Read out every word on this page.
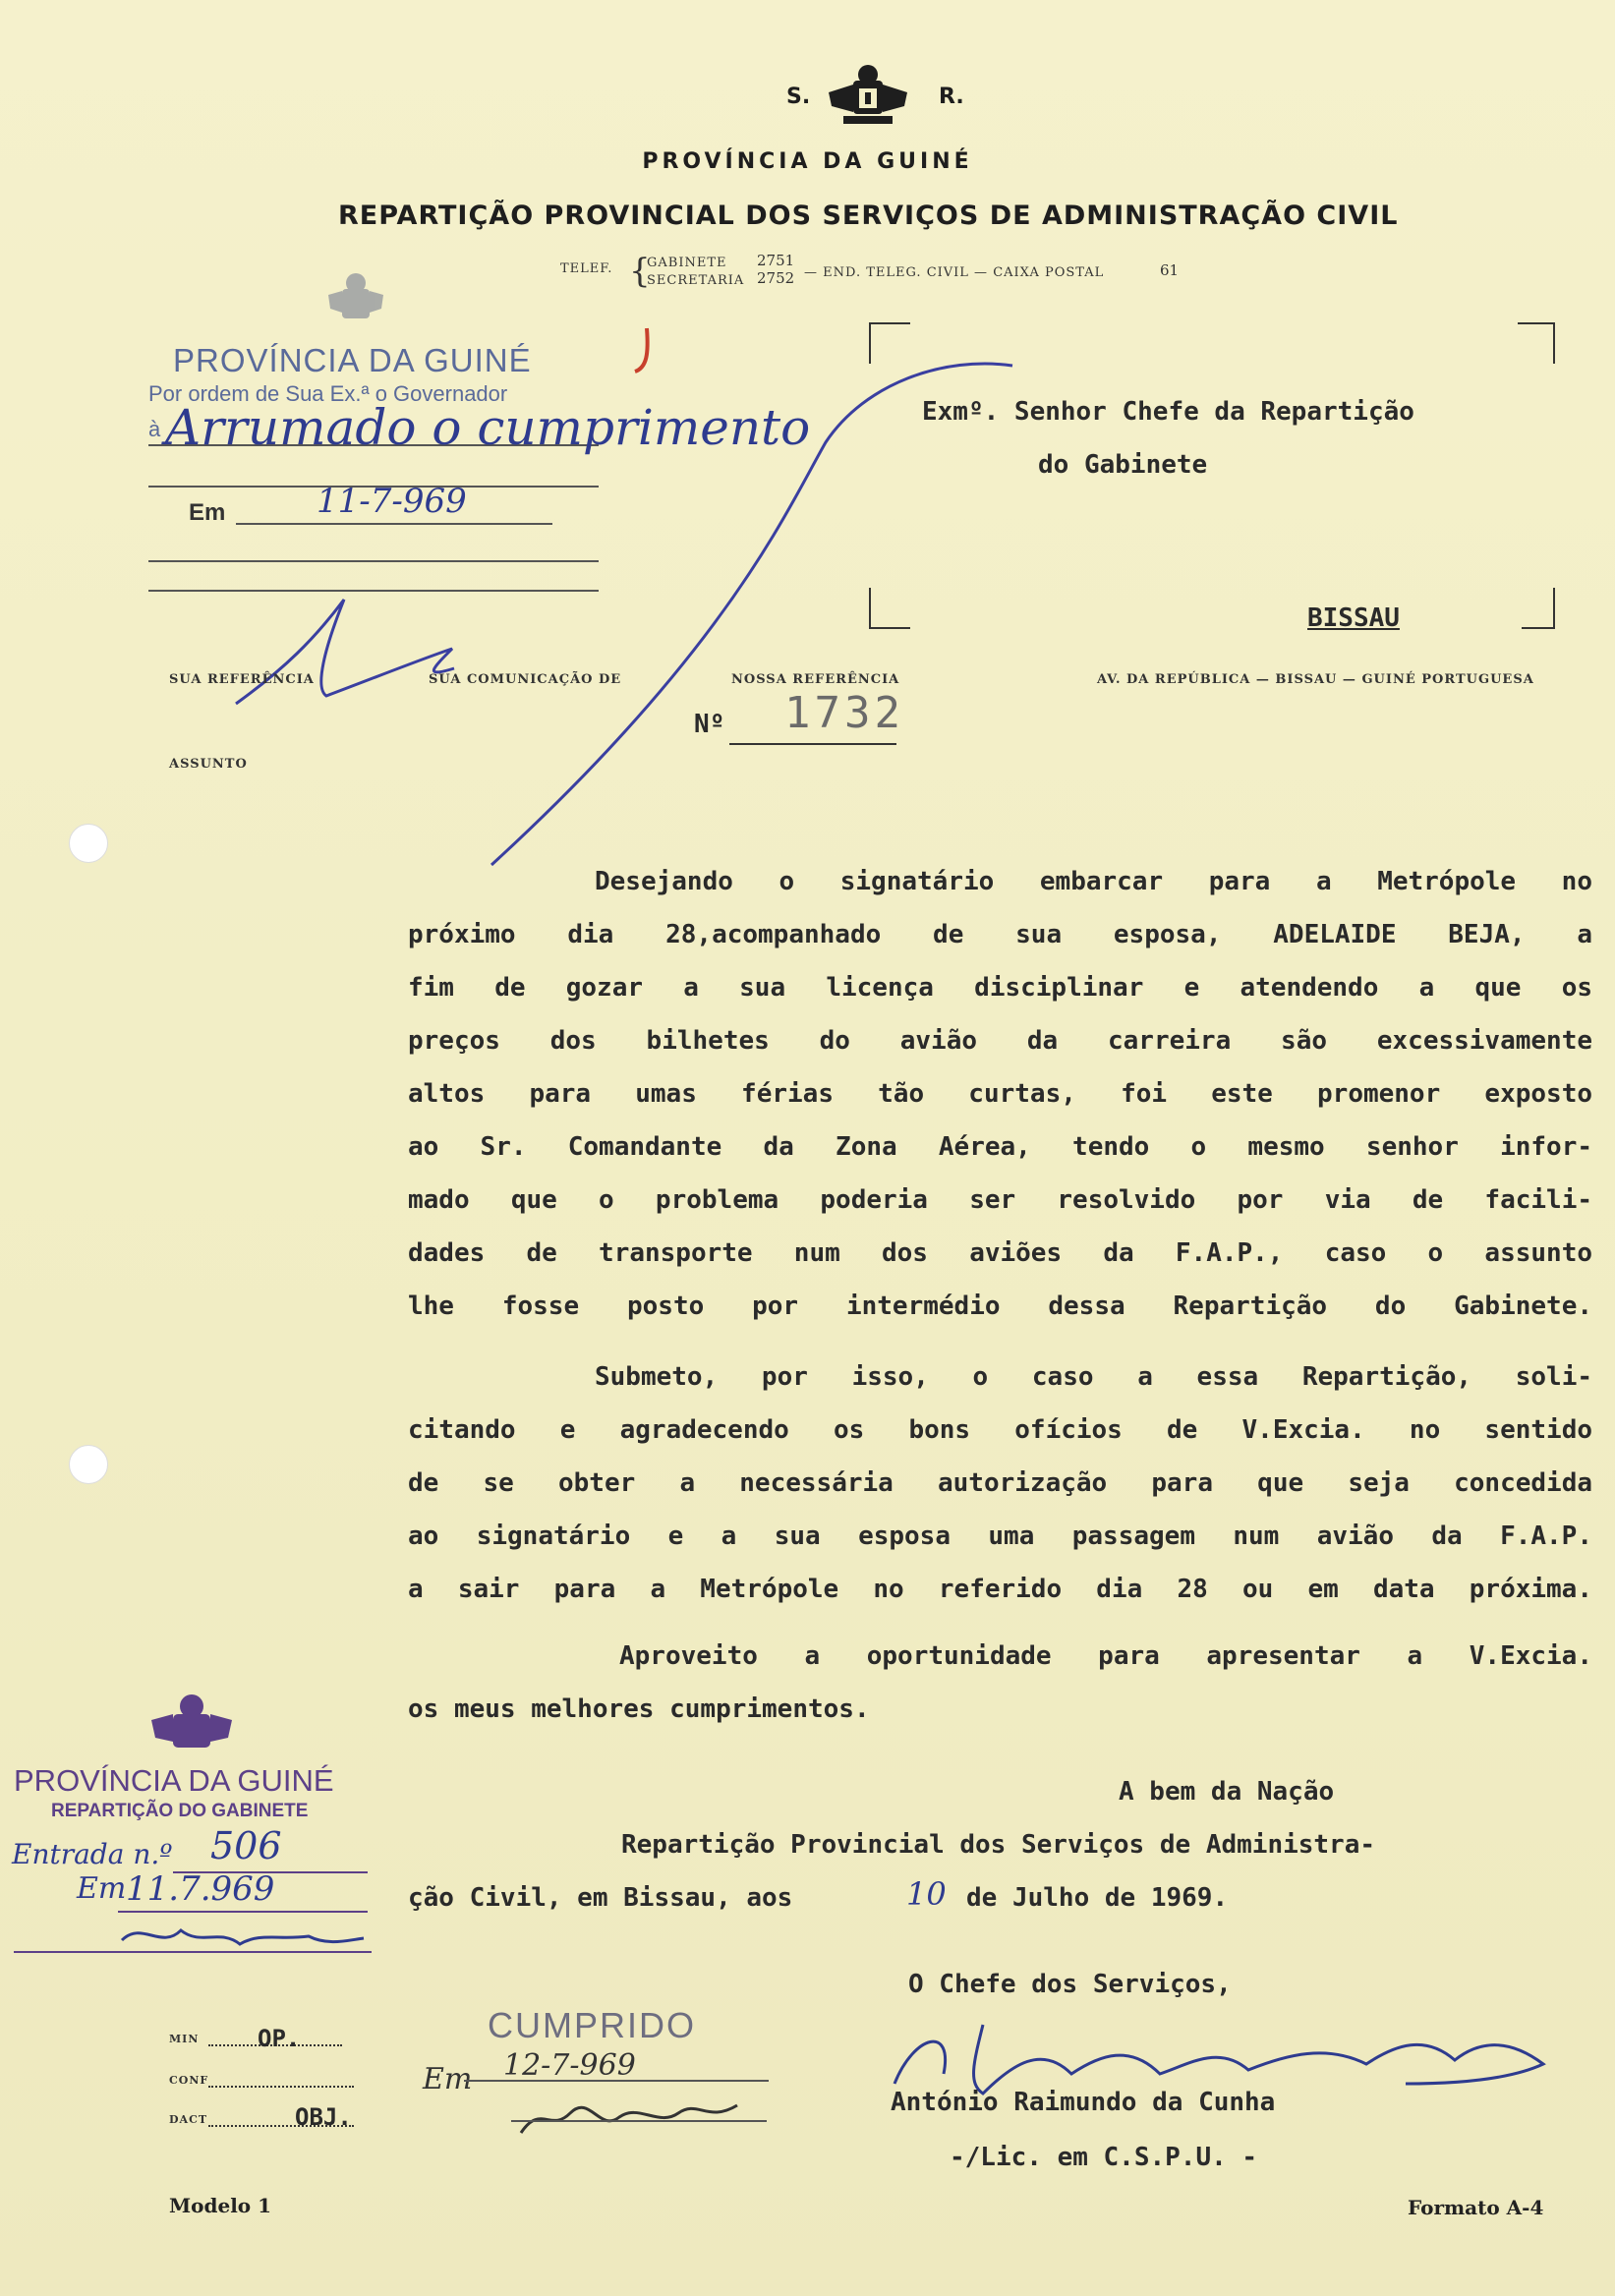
S.	R.
PROVÍNCIA DA GUINÉ
REPARTIÇÃO PROVINCIAL DOS SERVIÇOS DE ADMINISTRAÇÃO CIVIL
TELEF. {
GABINETE 2751
SECRETARIA 2752 — END. TELEG. CIVIL — CAIXA POSTAL	61
PROVÍNCIA DA GUINÉ
Por ordem de Sua Ex.ª o Governador
à
Em
Arrumado o cumprimento
11-7-969
Exmº. Senhor Chefe da Repartição
do Gabinete
BISSAU
SUA REFERÊNCIA	SUA COMUNICAÇÃO DE	NOSSA REFERÊNCIA	AV. DA REPÚBLICA — BISSAU — GUINÉ PORTUGUESA
Nº 1732
ASSUNTO
Desejando o signatário embarcar para a Metrópole no
próximo dia 28,acompanhado de sua esposa, ADELAIDE BEJA, a
fim de gozar a sua licença disciplinar e atendendo a que os
preços dos bilhetes do avião da carreira são excessivamente
altos para umas férias tão curtas, foi este promenor exposto
ao Sr. Comandante da Zona Aérea, tendo o mesmo senhor infor-
mado que o problema poderia ser resolvido por via de facili-
dades de transporte num dos aviões da F.A.P., caso o assunto
lhe fosse posto por intermédio dessa Repartição do Gabinete.
Submeto, por isso, o caso a essa Repartição, soli-
citando e agradecendo os bons ofícios de V.Excia. no sentido
de se obter a necessária autorização para que seja concedida
ao signatário e a sua esposa uma passagem num avião da F.A.P.
a sair para a Metrópole no referido dia 28 ou em data próxima.
Aproveito a oportunidade para apresentar a V.Excia.
os meus melhores cumprimentos.
A bem da Nação
Repartição Provincial dos Serviços de Administra-
ção Civil, em Bissau, aos	10 de Julho de 1969.
O Chefe dos Serviços,
António Raimundo da Cunha
-/Lic. em C.S.P.U. -
PROVÍNCIA DA GUINÉ
REPARTIÇÃO DO GABINETE
Entrada n.º 506
Em 11.7.969
MIN OP.
CONF
DACT	OBJ.
CUMPRIDO
Em 12-7-969
Modelo 1	Formato A-4
